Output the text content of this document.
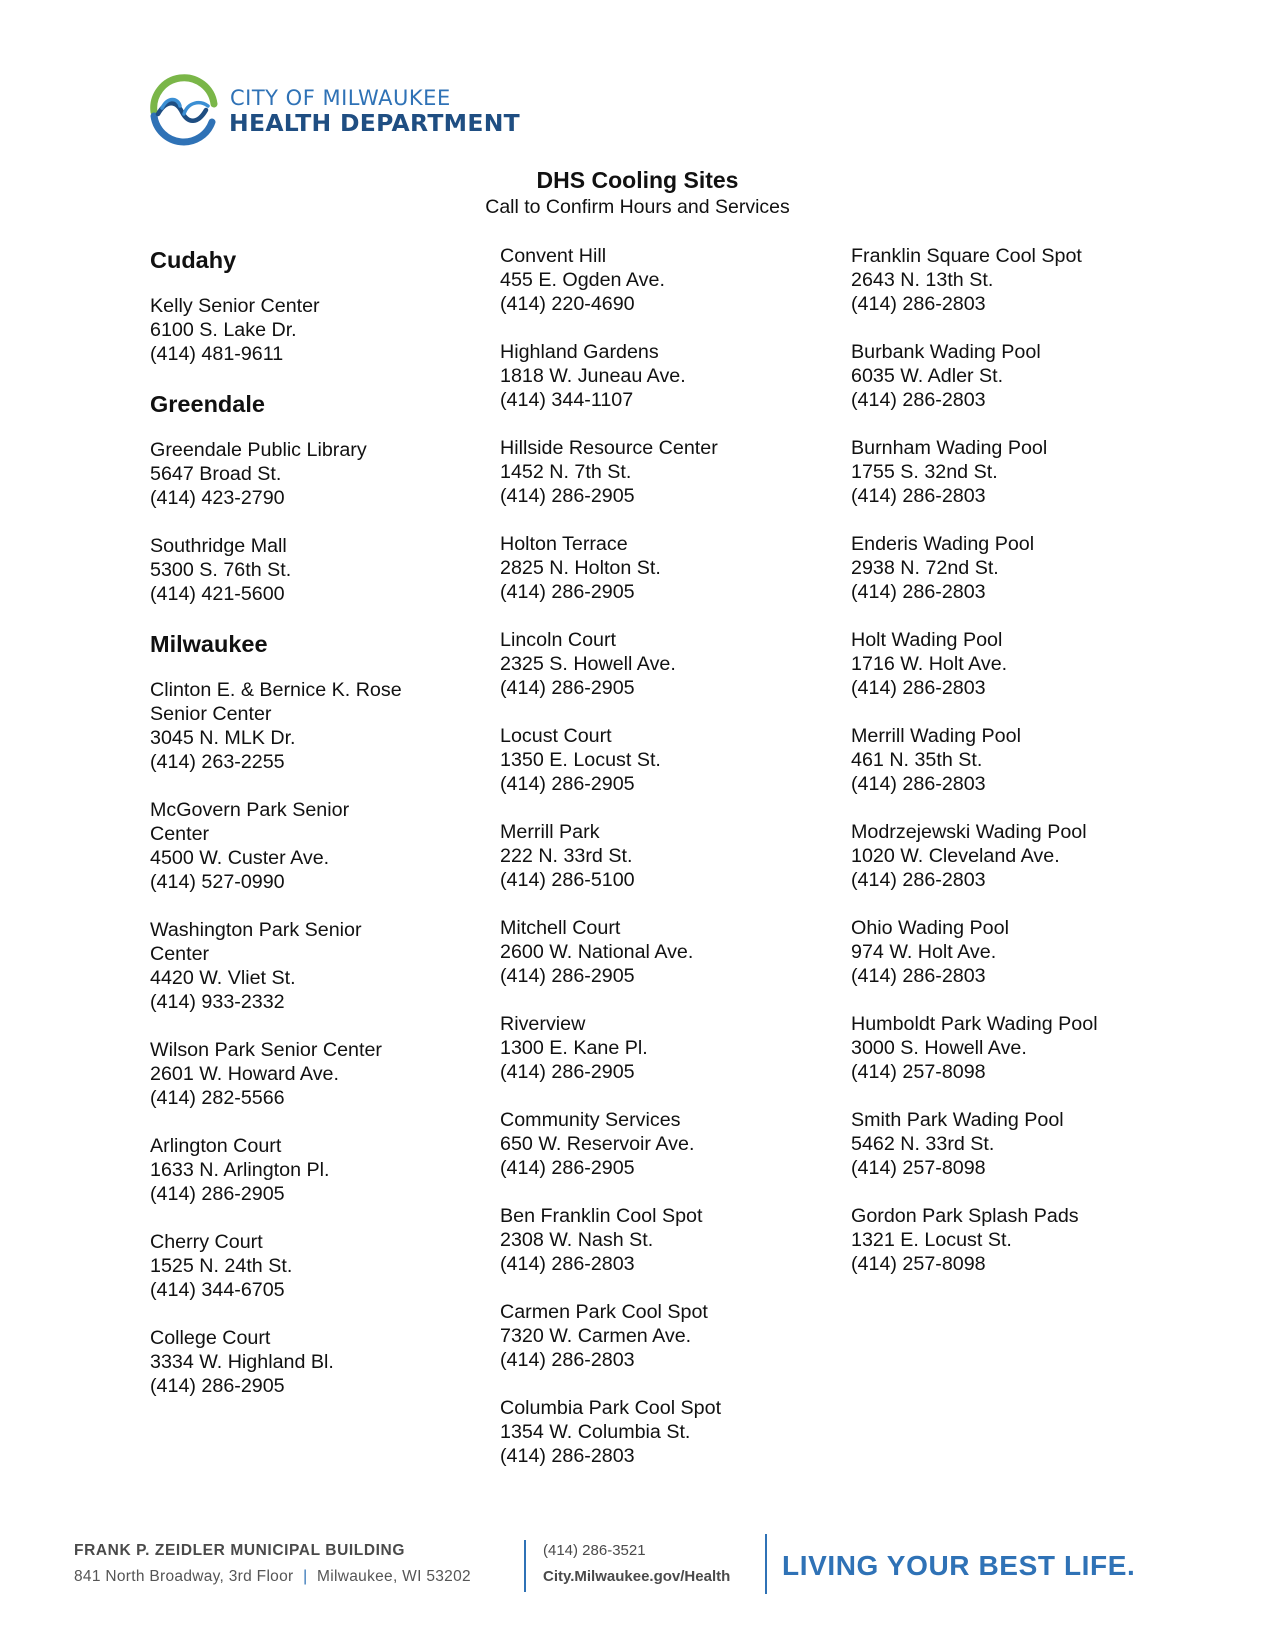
CITY OF MILWAUKEE
HEALTH DEPARTMENT
DHS Cooling Sites
Call to Confirm Hours and Services
Cudahy
Kelly Senior Center
6100 S. Lake Dr.
(414) 481-9611
Greendale
Greendale Public Library
5647 Broad St.
(414) 423-2790
Southridge Mall
5300 S. 76th St.
(414) 421-5600
Milwaukee
Clinton E. & Bernice K. Rose Senior Center
3045 N. MLK Dr.
(414) 263-2255
McGovern Park Senior Center
4500 W. Custer Ave.
(414) 527-0990
Washington Park Senior Center
4420 W. Vliet St.
(414) 933-2332
Wilson Park Senior Center
2601 W. Howard Ave.
(414) 282-5566
Arlington Court
1633 N. Arlington Pl.
(414) 286-2905
Cherry Court
1525 N. 24th St.
(414) 344-6705
College Court
3334 W. Highland Bl.
(414) 286-2905
Convent Hill
455 E. Ogden Ave.
(414) 220-4690
Highland Gardens
1818 W. Juneau Ave.
(414) 344-1107
Hillside Resource Center
1452 N. 7th St.
(414) 286-2905
Holton Terrace
2825 N. Holton St.
(414) 286-2905
Lincoln Court
2325 S. Howell Ave.
(414) 286-2905
Locust Court
1350 E. Locust St.
(414) 286-2905
Merrill Park
222 N. 33rd St.
(414) 286-5100
Mitchell Court
2600 W. National Ave.
(414) 286-2905
Riverview
1300 E. Kane Pl.
(414) 286-2905
Community Services
650 W. Reservoir Ave.
(414) 286-2905
Ben Franklin Cool Spot
2308 W. Nash St.
(414) 286-2803
Carmen Park Cool Spot
7320 W. Carmen Ave.
(414) 286-2803
Columbia Park Cool Spot
1354 W. Columbia St.
(414) 286-2803
Franklin Square Cool Spot
2643 N. 13th St.
(414) 286-2803
Burbank Wading Pool
6035 W. Adler St.
(414) 286-2803
Burnham Wading Pool
1755 S. 32nd St.
(414) 286-2803
Enderis Wading Pool
2938 N. 72nd St.
(414) 286-2803
Holt Wading Pool
1716 W. Holt Ave.
(414) 286-2803
Merrill Wading Pool
461 N. 35th St.
(414) 286-2803
Modrzejewski Wading Pool
1020 W. Cleveland Ave.
(414) 286-2803
Ohio Wading Pool
974 W. Holt Ave.
(414) 286-2803
Humboldt Park Wading Pool
3000 S. Howell Ave.
(414) 257-8098
Smith Park Wading Pool
5462 N. 33rd St.
(414) 257-8098
Gordon Park Splash Pads
1321 E. Locust St.
(414) 257-8098
FRANK P. ZEIDLER MUNICIPAL BUILDING
841 North Broadway, 3rd Floor | Milwaukee, WI 53202
(414) 286-3521
City.Milwaukee.gov/Health LIVING YOUR BEST LIFE.
